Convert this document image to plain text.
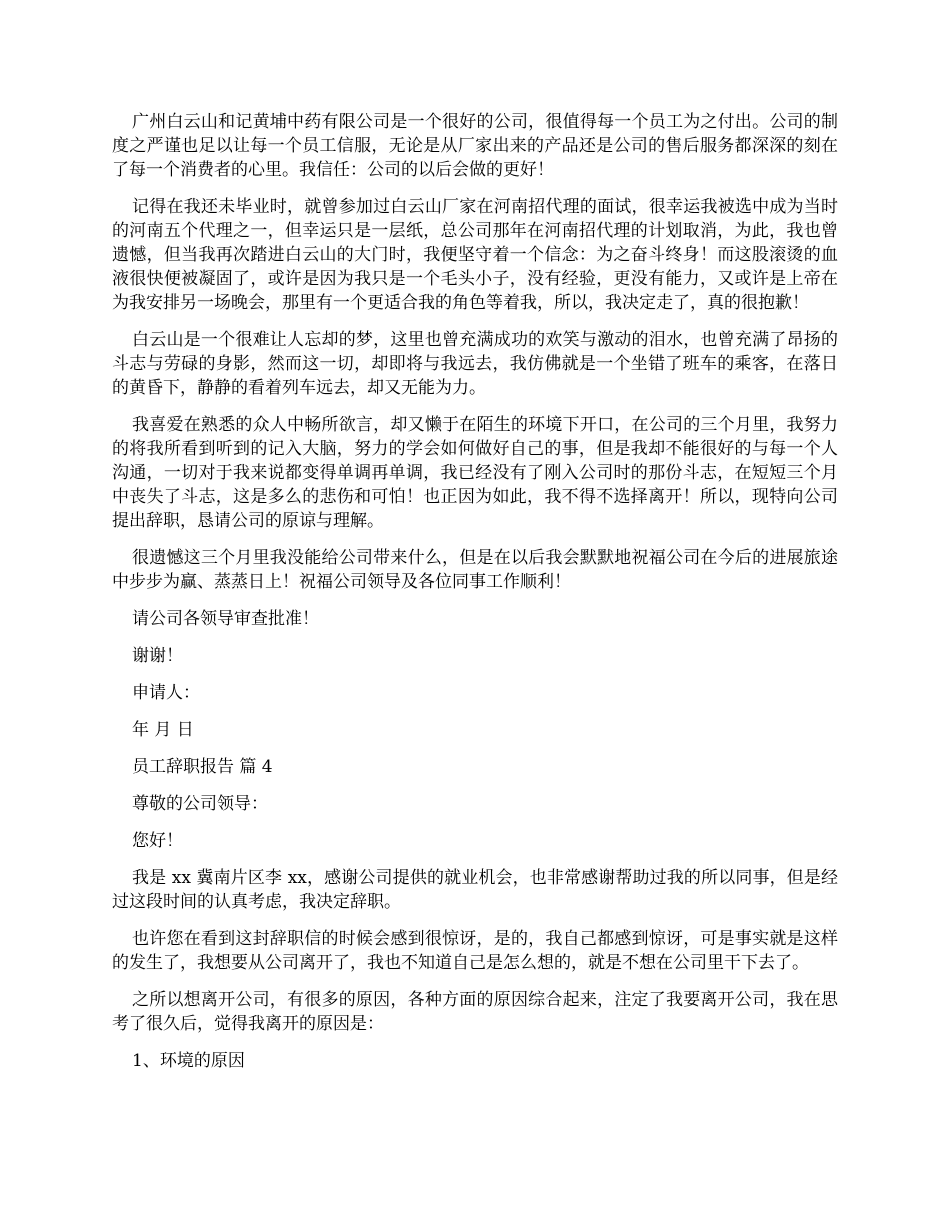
广州白云山和记黄埔中药有限公司是一个很好的公司，很值得每一个员工为之付出。公司的制度之严谨也足以让每一个员工信服，无论是从厂家出来的产品还是公司的售后服务都深深的刻在了每一个消费者的心里。我信任：公司的以后会做的更好！

记得在我还未毕业时，就曾参加过白云山厂家在河南招代理的面试，很幸运我被选中成为当时的河南五个代理之一，但幸运只是一层纸，总公司那年在河南招代理的计划取消，为此，我也曾遗憾，但当我再次踏进白云山的大门时，我便坚守着一个信念：为之奋斗终身！而这股滚烫的血液很快便被凝固了，或许是因为我只是一个毛头小子，没有经验，更没有能力，又或许是上帝在为我安排另一场晚会，那里有一个更适合我的角色等着我，所以，我决定走了，真的很抱歉！

白云山是一个很难让人忘却的梦，这里也曾充满成功的欢笑与激动的泪水，也曾充满了昂扬的斗志与劳碌的身影，然而这一切，却即将与我远去，我仿佛就是一个坐错了班车的乘客，在落日的黄昏下，静静的看着列车远去，却又无能为力。

我喜爱在熟悉的众人中畅所欲言，却又懒于在陌生的环境下开口，在公司的三个月里，我努力的将我所看到听到的记入大脑，努力的学会如何做好自己的事，但是我却不能很好的与每一个人沟通，一切对于我来说都变得单调再单调，我已经没有了刚入公司时的那份斗志，在短短三个月中丧失了斗志，这是多么的悲伤和可怕！也正因为如此，我不得不选择离开！所以，现特向公司提出辞职，恳请公司的原谅与理解。

很遗憾这三个月里我没能给公司带来什么，但是在以后我会默默地祝福公司在今后的进展旅途中步步为赢、蒸蒸日上！祝福公司领导及各位同事工作顺利！

请公司各领导审查批准！

谢谢！

申请人：

年 月 日

员工辞职报告 篇 4

尊敬的公司领导：

您好！

我是 xx 冀南片区李 xx，感谢公司提供的就业机会，也非常感谢帮助过我的所以同事，但是经过这段时间的认真考虑，我决定辞职。

也许您在看到这封辞职信的时候会感到很惊讶，是的，我自己都感到惊讶，可是事实就是这样的发生了，我想要从公司离开了，我也不知道自己是怎么想的，就是不想在公司里干下去了。

之所以想离开公司，有很多的原因，各种方面的原因综合起来，注定了我要离开公司，我在思考了很久后，觉得我离开的原因是：

1、环境的原因
